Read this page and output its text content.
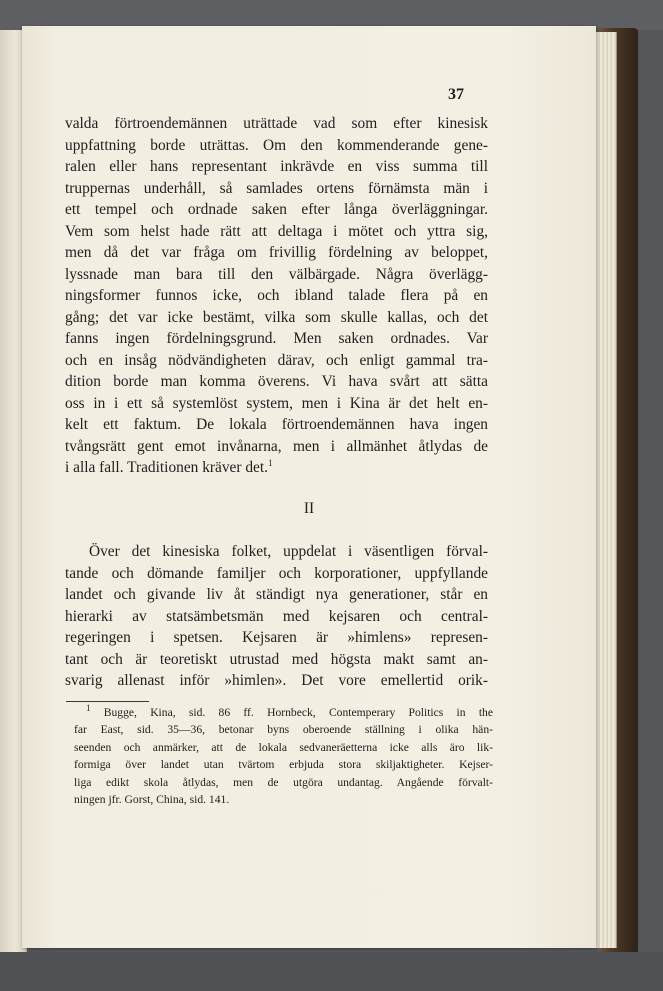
37
valda förtroendemännen uträttade vad som efter kinesisk
uppfattning borde uträttas. Om den kommenderande gene-
ralen eller hans representant inkrävde en viss summa till
truppernas underhåll, så samlades ortens förnämsta män i
ett tempel och ordnade saken efter långa överläggningar.
Vem som helst hade rätt att deltaga i mötet och yttra sig,
men då det var fråga om frivillig fördelning av beloppet,
lyssnade man bara till den välbärgade. Några överlägg-
ningsformer funnos icke, och ibland talade flera på en
gång; det var icke bestämt, vilka som skulle kallas, och det
fanns ingen fördelningsgrund. Men saken ordnades. Var
och en insåg nödvändigheten därav, och enligt gammal tra-
dition borde man komma överens. Vi hava svårt att sätta
oss in i ett så systemlöst system, men i Kina är det helt en-
kelt ett faktum. De lokala förtroendemännen hava ingen
tvångsrätt gent emot invånarna, men i allmänhet åtlydas de
i alla fall. Traditionen kräver det.$^1$
II
Över det kinesiska folket, uppdelat i väsentligen förval-
tande och dömande familjer och korporationer, uppfyllande
landet och givande liv åt ständigt nya generationer, står en
hierarki av statsämbetsmän med kejsaren och central-
regeringen i spetsen. Kejsaren är »himlens» represen-
tant och är teoretiskt utrustad med högsta makt samt an-
svarig allenast inför »himlen». Det vore emellertid orik-
$^1$ Bugge, Kina, sid. 86 ff. Hornbeck, Contemperary Politics in the
far East, sid. 35—36, betonar byns oberoende ställning i olika hän-
seenden och anmärker, att de lokala sedvaneräetterna icke alls äro lik-
formiga över landet utan tvärtom erbjuda stora skiljaktigheter. Kejser-
liga edikt skola åtlydas, men de utgöra undantag. Angående förvalt-
ningen jfr. Gorst, China, sid. 141.
